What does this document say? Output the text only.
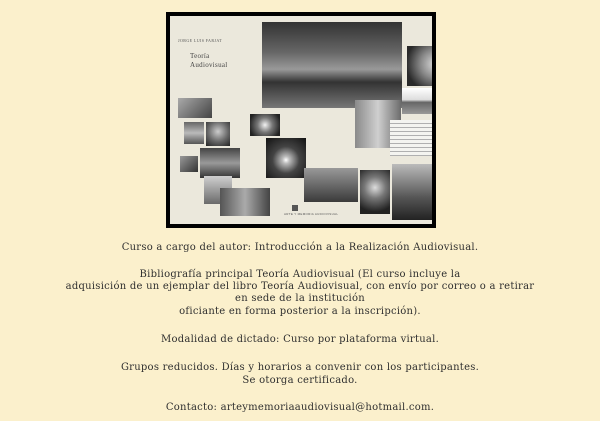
JORGE LUIS FARJAT
Teoría
Audiovisual
ARTE Y MEMORIA AUDIOVISUAL
Curso a cargo del autor: Introducción a la Realización Audiovisual.
Bibliografía principal Teoría Audiovisual (El curso incluye la
adquisición de un ejemplar del libro Teoría Audiovisual, con envío por correo o a retirar
en sede de la institución
oficiante en forma posterior a la inscripción).
Modalidad de dictado: Curso por plataforma virtual.
Grupos reducidos. Días y horarios a convenir con los participantes.
Se otorga certificado.
Contacto: arteymemoriaaudiovisual@hotmail.com.
